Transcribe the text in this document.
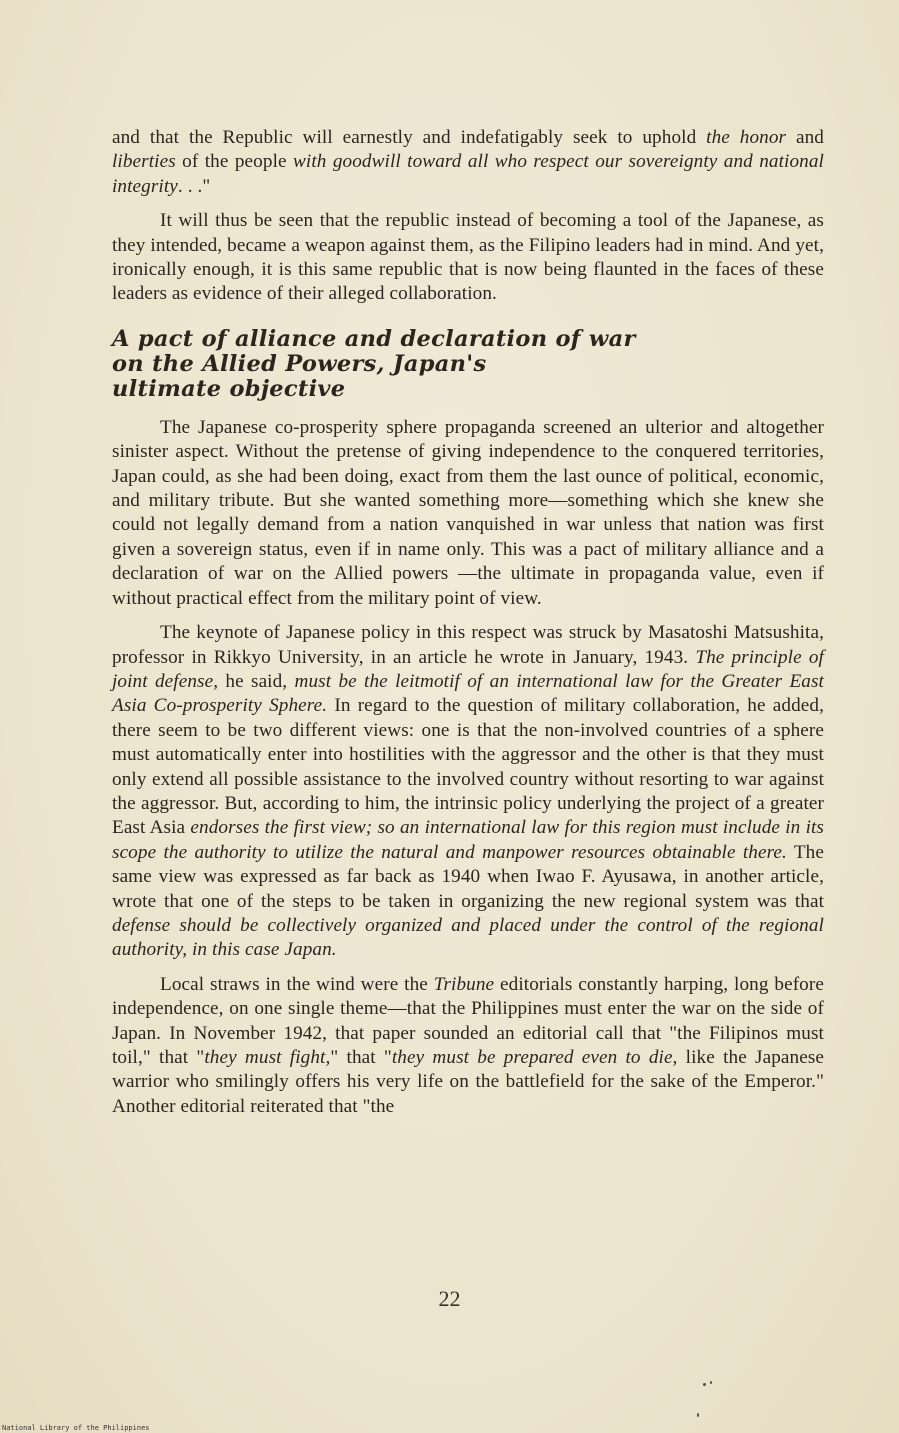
and that the Republic will earnestly and indefatigably seek to uphold the honor and liberties of the people with goodwill toward all who respect our sovereignty and national integrity. . ."

It will thus be seen that the republic instead of becoming a tool of the Japanese, as they intended, became a weapon against them, as the Filipino leaders had in mind. And yet, ironically enough, it is this same republic that is now being flaunted in the faces of these leaders as evidence of their alleged collaboration.

A pact of alliance and declaration of war
on the Allied Powers, Japan's
ultimate objective

The Japanese co-prosperity sphere propaganda screened an ulterior and altogether sinister aspect. Without the pretense of giving independence to the conquered territories, Japan could, as she had been doing, exact from them the last ounce of political, economic, and military tribute. But she wanted something more—something which she knew she could not legally demand from a nation vanquished in war unless that nation was first given a sovereign status, even if in name only. This was a pact of military alliance and a declaration of war on the Allied powers —the ultimate in propaganda value, even if without practical effect from the military point of view.

The keynote of Japanese policy in this respect was struck by Masatoshi Matsushita, professor in Rikkyo University, in an article he wrote in January, 1943. The principle of joint defense, he said, must be the leitmotif of an international law for the Greater East Asia Co-prosperity Sphere. In regard to the question of military collaboration, he added, there seem to be two different views: one is that the non-involved countries of a sphere must automatically enter into hostilities with the aggressor and the other is that they must only extend all possible assistance to the involved country without resorting to war against the aggressor. But, according to him, the intrinsic policy underlying the project of a greater East Asia endorses the first view; so an international law for this region must include in its scope the authority to utilize the natural and manpower resources obtainable there. The same view was expressed as far back as 1940 when Iwao F. Ayusawa, in another article, wrote that one of the steps to be taken in organizing the new regional system was that defense should be collectively organized and placed under the control of the regional authority, in this case Japan.

Local straws in the wind were the Tribune editorials constantly harping, long before independence, on one single theme—that the Philippines must enter the war on the side of Japan. In November 1942, that paper sounded an editorial call that "the Filipinos must toil," that "they must fight," that "they must be prepared even to die, like the Japanese warrior who smilingly offers his very life on the battlefield for the sake of the Emperor." Another editorial reiterated that "the

22
National Library of the Philippines
